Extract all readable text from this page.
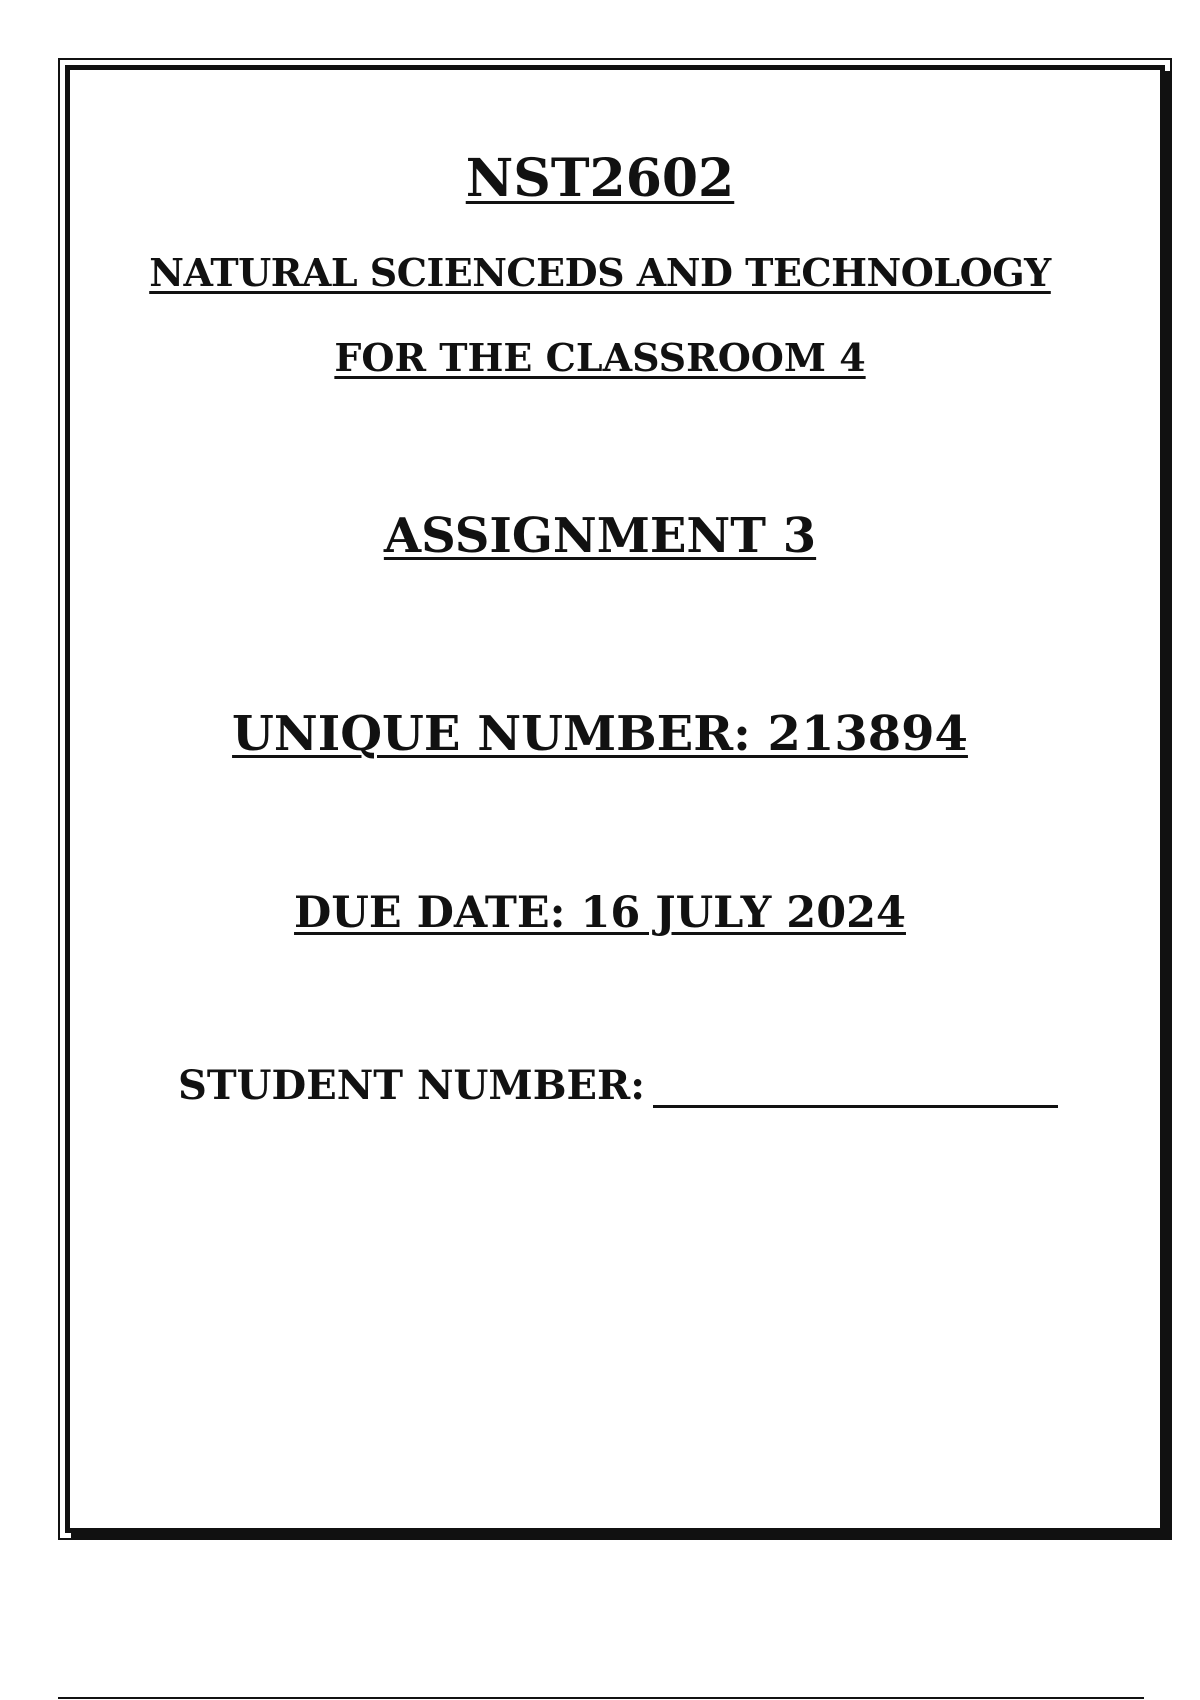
NST2602
NATURAL SCIENCEDS AND TECHNOLOGY
FOR THE CLASSROOM 4
ASSIGNMENT 3
UNIQUE NUMBER: 213894
DUE DATE: 16 JULY 2024
STUDENT NUMBER:
